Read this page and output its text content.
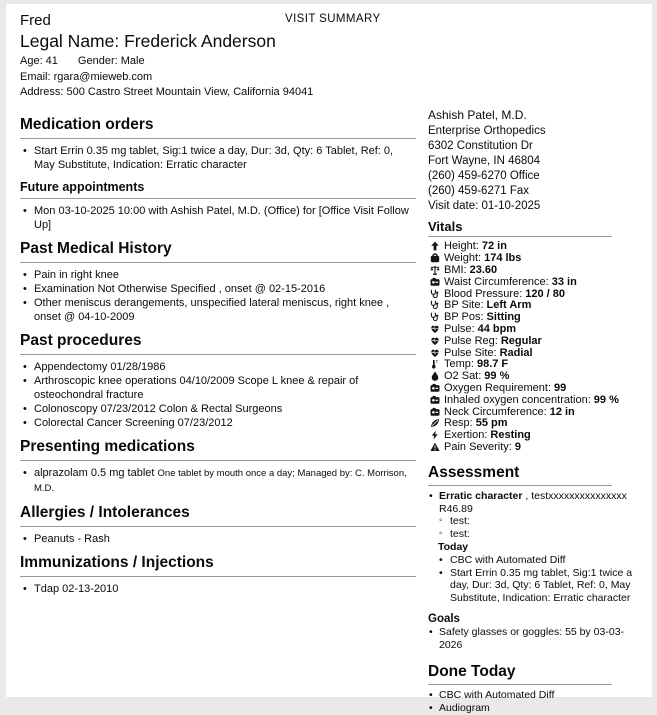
VISIT SUMMARY
Fred
Legal Name: Frederick Anderson
Age: 41 Gender: Male
Email: rgara@mieweb.com
Address: 500 Castro Street Mountain View, California 94041
Medication orders
• Start Errin 0.35 mg tablet, Sig:1 twice a day, Dur: 3d, Qty: 6 Tablet, Ref: 0, May Substitute, Indication: Erratic character
Future appointments
• Mon 03-10-2025 10:00 with Ashish Patel, M.D. (Office) for [Office Visit Follow Up]
Past Medical History
• Pain in right knee
• Examination Not Otherwise Specified , onset @ 02-15-2016
• Other meniscus derangements, unspecified lateral meniscus, right knee , onset @ 04-10-2009
Past procedures
• Appendectomy 01/28/1986
• Arthroscopic knee operations 04/10/2009 Scope L knee & repair of osteochondral fracture
• Colonoscopy 07/23/2012 Colon & Rectal Surgeons
• Colorectal Cancer Screening 07/23/2012
Presenting medications
• alprazolam 0.5 mg tablet One tablet by mouth once a day; Managed by: C. Morrison, M.D.
Allergies / Intolerances
• Peanuts - Rash
Immunizations / Injections
• Tdap 02-13-2010
Ashish Patel, M.D.
Enterprise Orthopedics
6302 Constitution Dr
Fort Wayne, IN 46804
(260) 459-6270 Office
(260) 459-6271 Fax
Visit date: 01-10-2025
Vitals
Height: 72 in
Weight: 174 lbs
BMI: 23.60
Waist Circumference: 33 in
Blood Pressure: 120 / 80
BP Site: Left Arm
BP Pos: Sitting
Pulse: 44 bpm
Pulse Reg: Regular
Pulse Site: Radial
Temp: 98.7 F
O2 Sat: 99 %
Oxygen Requirement: 99
Inhaled oxygen concentration: 99 %
Neck Circumference: 12 in
Resp: 55 pm
Exertion: Resting
Pain Severity: 9
Assessment
• Erratic character , testxxxxxxxxxxxxxxx
R46.89
◦ test:
◦ test:
Today
• CBC with Automated Diff
• Start Errin 0.35 mg tablet, Sig:1 twice a day, Dur: 3d, Qty: 6 Tablet, Ref: 0, May Substitute, Indication: Erratic character
Goals
• Safety glasses or goggles: 55 by 03-03-2026
Done Today
• CBC with Automated Diff
• Audiogram
